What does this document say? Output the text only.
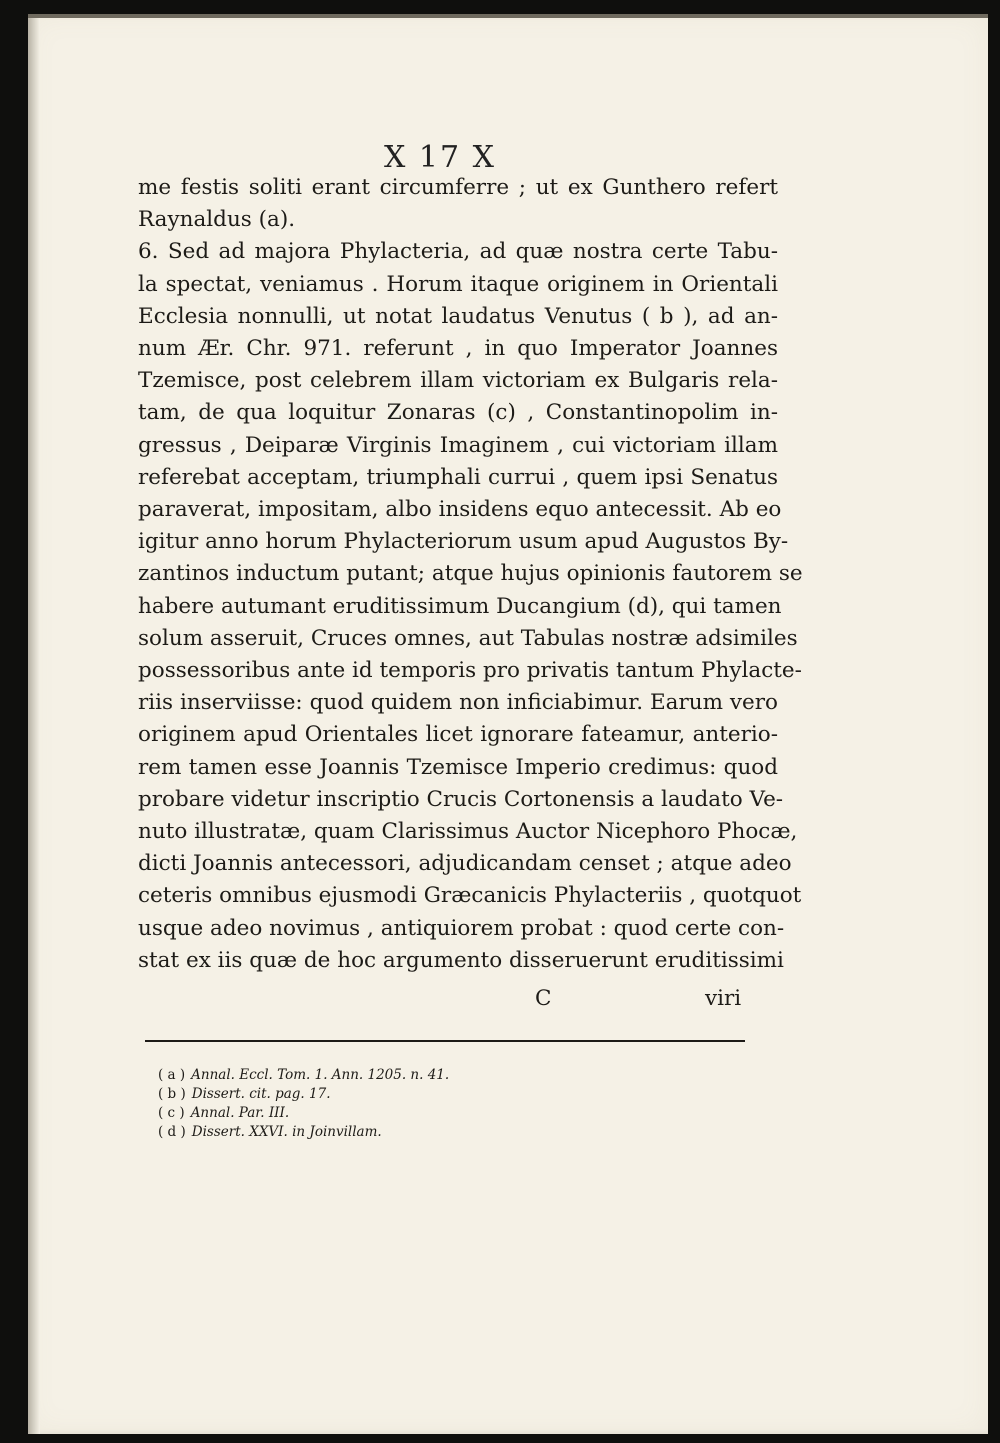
X 17 X
me festis soliti erant circumferre ; ut ex Gunthero refert
Raynaldus (a).
6. Sed ad majora Phylacteria, ad quæ nostra certe Tabu-
la spectat, veniamus . Horum itaque originem in Orientali
Ecclesia nonnulli, ut notat laudatus Venutus ( b ), ad an-
num Ær. Chr. 971. referunt , in quo Imperator Joannes
Tzemisce, post celebrem illam victoriam ex Bulgaris rela-
tam, de qua loquitur Zonaras (c) , Constantinopolim in-
gressus , Deiparæ Virginis Imaginem , cui victoriam illam
referebat acceptam, triumphali currui , quem ipsi Senatus
paraverat, impositam, albo insidens equo antecessit. Ab eo
igitur anno horum Phylacteriorum usum apud Augustos By-
zantinos inductum putant; atque hujus opinionis fautorem se
habere autumant eruditissimum Ducangium (d), qui tamen
solum asseruit, Cruces omnes, aut Tabulas nostræ adsimiles
possessoribus ante id temporis pro privatis tantum Phylacte-
riis inserviisse: quod quidem non inficiabimur. Earum vero
originem apud Orientales licet ignorare fateamur, anterio-
rem tamen esse Joannis Tzemisce Imperio credimus: quod
probare videtur inscriptio Crucis Cortonensis a laudato Ve-
nuto illustratæ, quam Clarissimus Auctor Nicephoro Phocæ,
dicti Joannis antecessori, adjudicandam censet ; atque adeo
ceteris omnibus ejusmodi Græcanicis Phylacteriis , quotquot
usque adeo novimus , antiquiorem probat : quod certe con-
stat ex iis quæ de hoc argumento disseruerunt eruditissimi
C	viri
( a ) Annal. Eccl. Tom. 1. Ann. 1205. n. 41.
( b ) Dissert. cit. pag. 17.
( c ) Annal. Par. III.
( d ) Dissert. XXVI. in Joinvillam.
